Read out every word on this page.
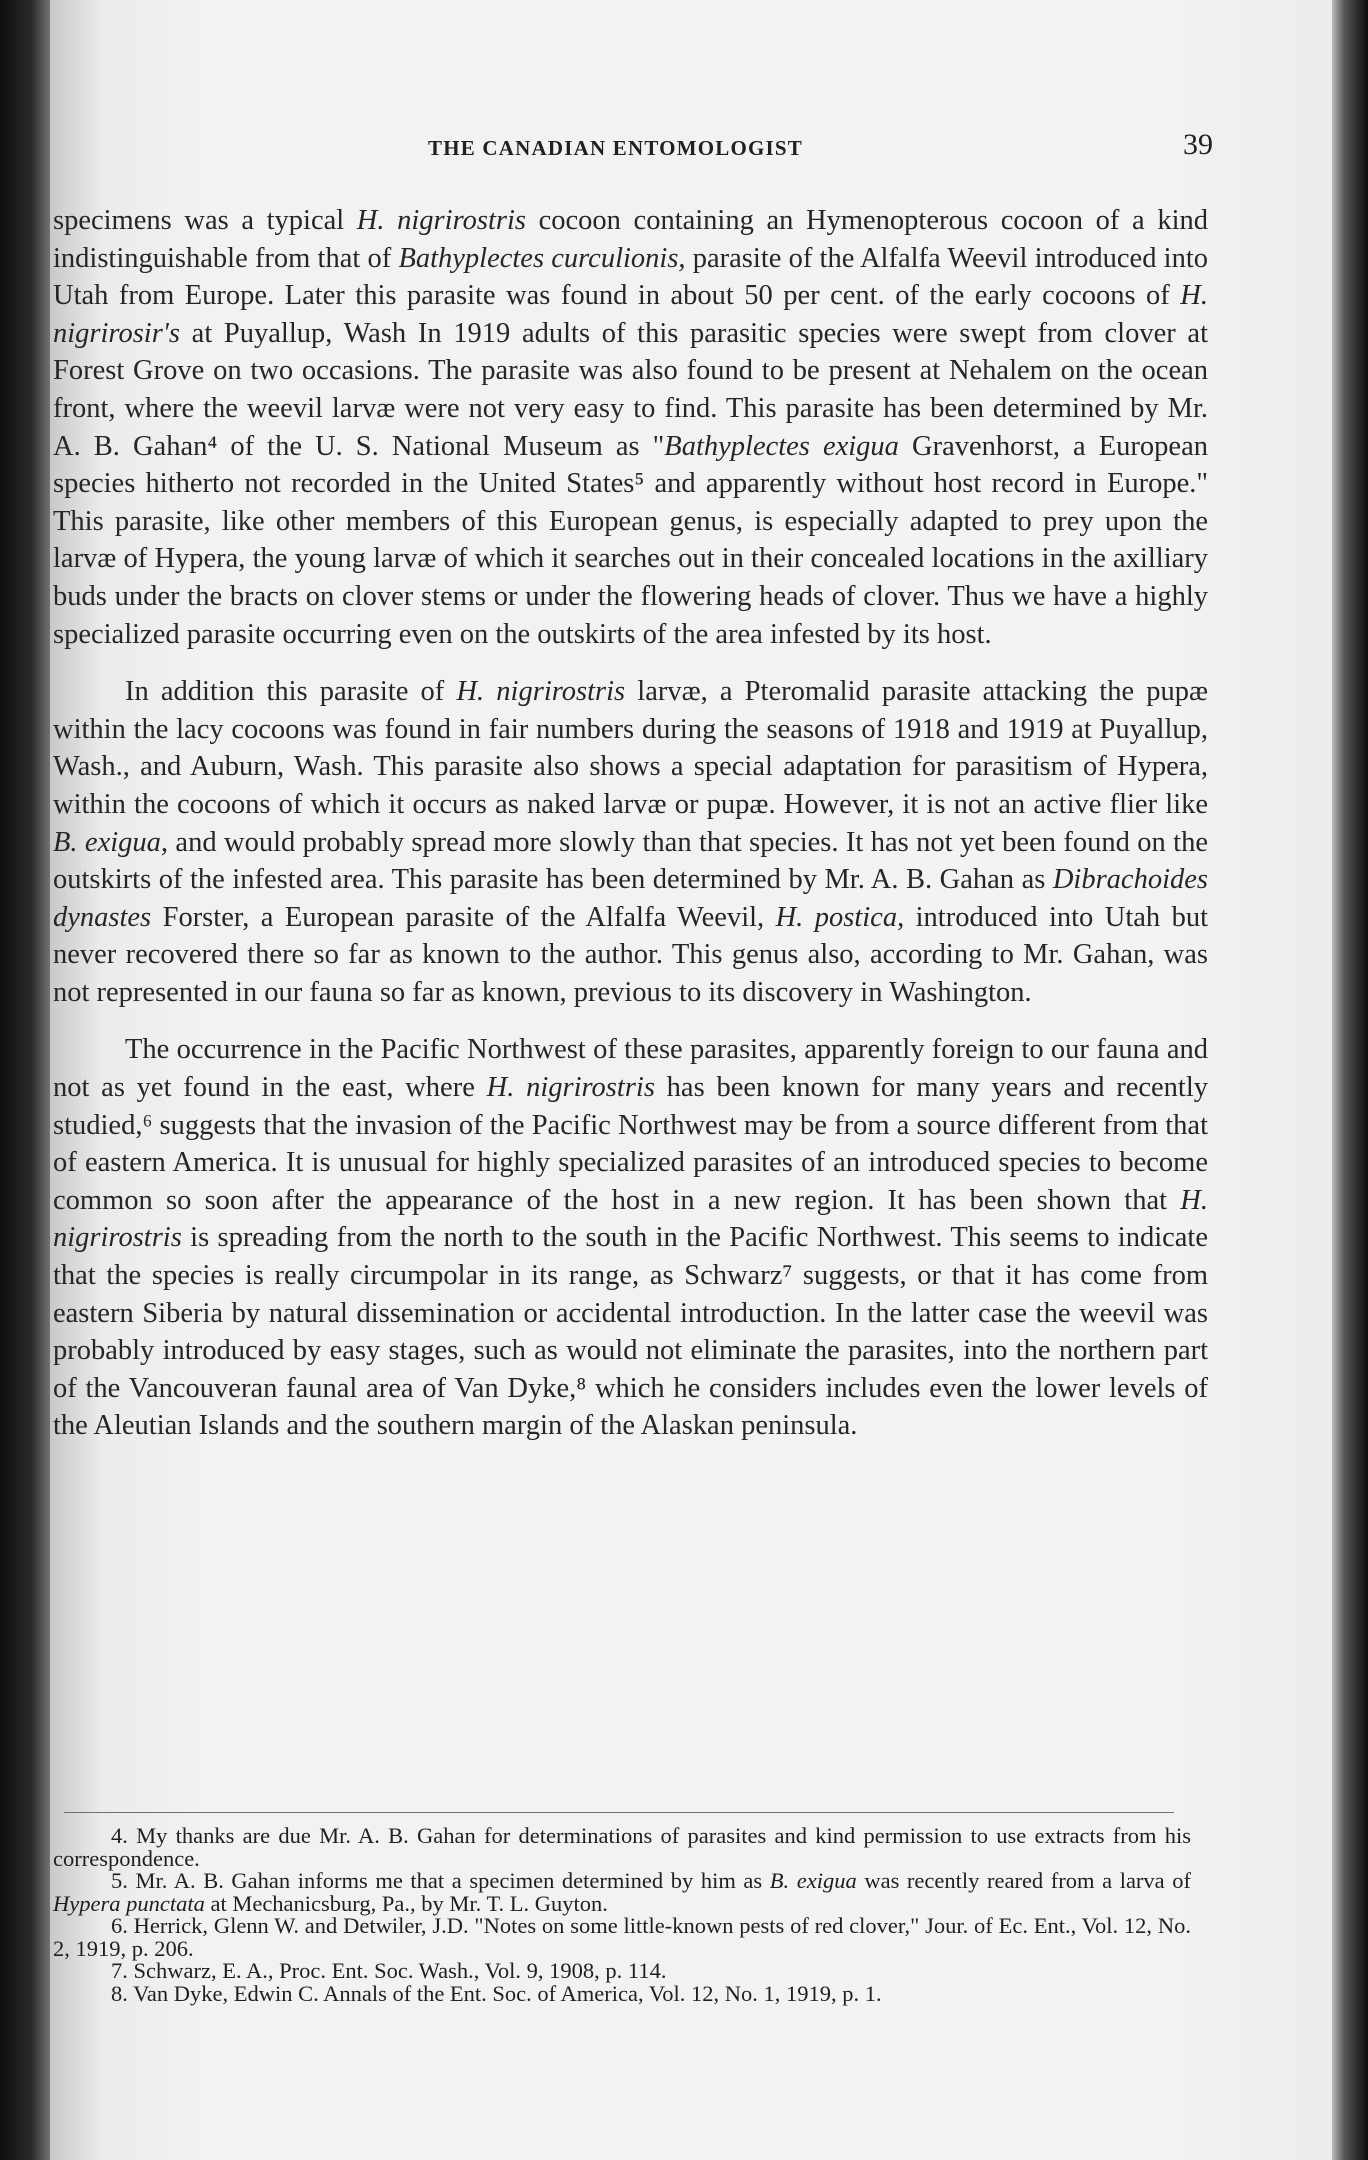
THE CANADIAN ENTOMOLOGIST	39

specimens was a typical H. nigrirostris cocoon containing an Hymenopterous cocoon of a kind indistinguishable from that of Bathyplectes curculionis, parasite of the Alfalfa Weevil introduced into Utah from Europe. Later this parasite was found in about 50 per cent. of the early cocoons of H. nigrirosir's at Puyallup, Wash In 1919 adults of this parasitic species were swept from clover at Forest Grove on two occasions. The parasite was also found to be present at Nehalem on the ocean front, where the weevil larvæ were not very easy to find. This parasite has been determined by Mr. A. B. Gahan⁴ of the U. S. National Museum as "Bathyplectes exigua Gravenhorst, a European species hitherto not recorded in the United States⁵ and apparently without host record in Europe." This parasite, like other members of this European genus, is especially adapted to prey upon the larvæ of Hypera, the young larvæ of which it searches out in their concealed locations in the axilliary buds under the bracts on clover stems or under the flowering heads of clover. Thus we have a highly specialized parasite occurring even on the outskirts of the area infested by its host.

In addition this parasite of H. nigrirostris larvæ, a Pteromalid parasite attacking the pupæ within the lacy cocoons was found in fair numbers during the seasons of 1918 and 1919 at Puyallup, Wash., and Auburn, Wash. This parasite also shows a special adaptation for parasitism of Hypera, within the cocoons of which it occurs as naked larvæ or pupæ. However, it is not an active flier like B. exigua, and would probably spread more slowly than that species. It has not yet been found on the outskirts of the infested area. This parasite has been determined by Mr. A. B. Gahan as Dibrachoides dynastes Forster, a European parasite of the Alfalfa Weevil, H. postica, introduced into Utah but never recovered there so far as known to the author. This genus also, according to Mr. Gahan, was not represented in our fauna so far as known, previous to its discovery in Washington.

The occurrence in the Pacific Northwest of these parasites, apparently foreign to our fauna and not as yet found in the east, where H. nigrirostris has been known for many years and recently studied,⁶ suggests that the invasion of the Pacific Northwest may be from a source different from that of eastern America. It is unusual for highly specialized parasites of an introduced species to become common so soon after the appearance of the host in a new region. It has been shown that H. nigrirostris is spreading from the north to the south in the Pacific Northwest. This seems to indicate that the species is really circumpolar in its range, as Schwarz⁷ suggests, or that it has come from eastern Siberia by natural dissemination or accidental introduction. In the latter case the weevil was probably introduced by easy stages, such as would not eliminate the parasites, into the northern part of the Vancouveran faunal area of Van Dyke,⁸ which he considers includes even the lower levels of the Aleutian Islands and the southern margin of the Alaskan peninsula.

4. My thanks are due Mr. A. B. Gahan for determinations of parasites and kind permission to use extracts from his correspondence.

5. Mr. A. B. Gahan informs me that a specimen determined by him as B. exigua was recently reared from a larva of Hypera punctata at Mechanicsburg, Pa., by Mr. T. L. Guyton.

6. Herrick, Glenn W. and Detwiler, J.D. "Notes on some little-known pests of red clover," Jour. of Ec. Ent., Vol. 12, No. 2, 1919, p. 206.

7. Schwarz, E. A., Proc. Ent. Soc. Wash., Vol. 9, 1908, p. 114.

8. Van Dyke, Edwin C. Annals of the Ent. Soc. of America, Vol. 12, No. 1, 1919, p. 1.
